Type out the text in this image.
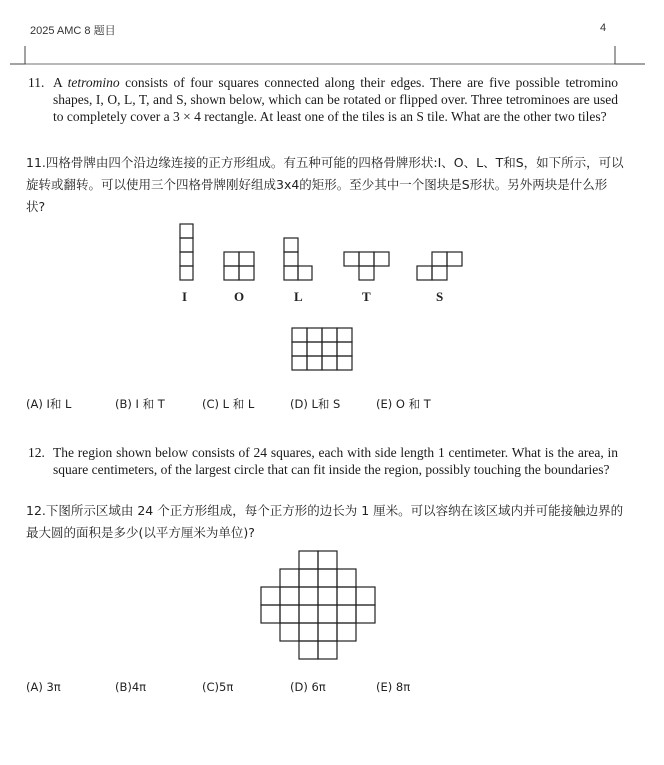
2025 AMC 8 题目	4
11. A tetromino consists of four squares connected along their edges. There are five possible tetromino shapes, I, O, L, T, and S, shown below, which can be rotated or flipped over. Three tetrominoes are used to completely cover a 3 × 4 rectangle. At least one of the tiles is an S tile. What are the other two tiles?
11.四格骨牌由四个沿边缘连接的正方形组成。有五种可能的四格骨牌形状:I、O、L、T和S，如下所示，可以旋转或翻转。可以使用三个四格骨牌刚好组成3x4的矩形。至少其中一个图块是S形状。另外两块是什么形状?
I	O	L	T	S
(A) I和 L	(B) I 和 T	(C) L 和 L	(D) L和 S	(E) O 和 T
12. The region shown below consists of 24 squares, each with side length 1 centimeter. What is the area, in square centimeters, of the largest circle that can fit inside the region, possibly touching the boundaries?
12.下图所示区域由 24 个正方形组成，每个正方形的边长为 1 厘米。可以容纳在该区域内并可能接触边界的最大圆的面积是多少(以平方厘米为单位)?
(A) 3π	(B)4π	(C)5π	(D) 6π	(E) 8π
